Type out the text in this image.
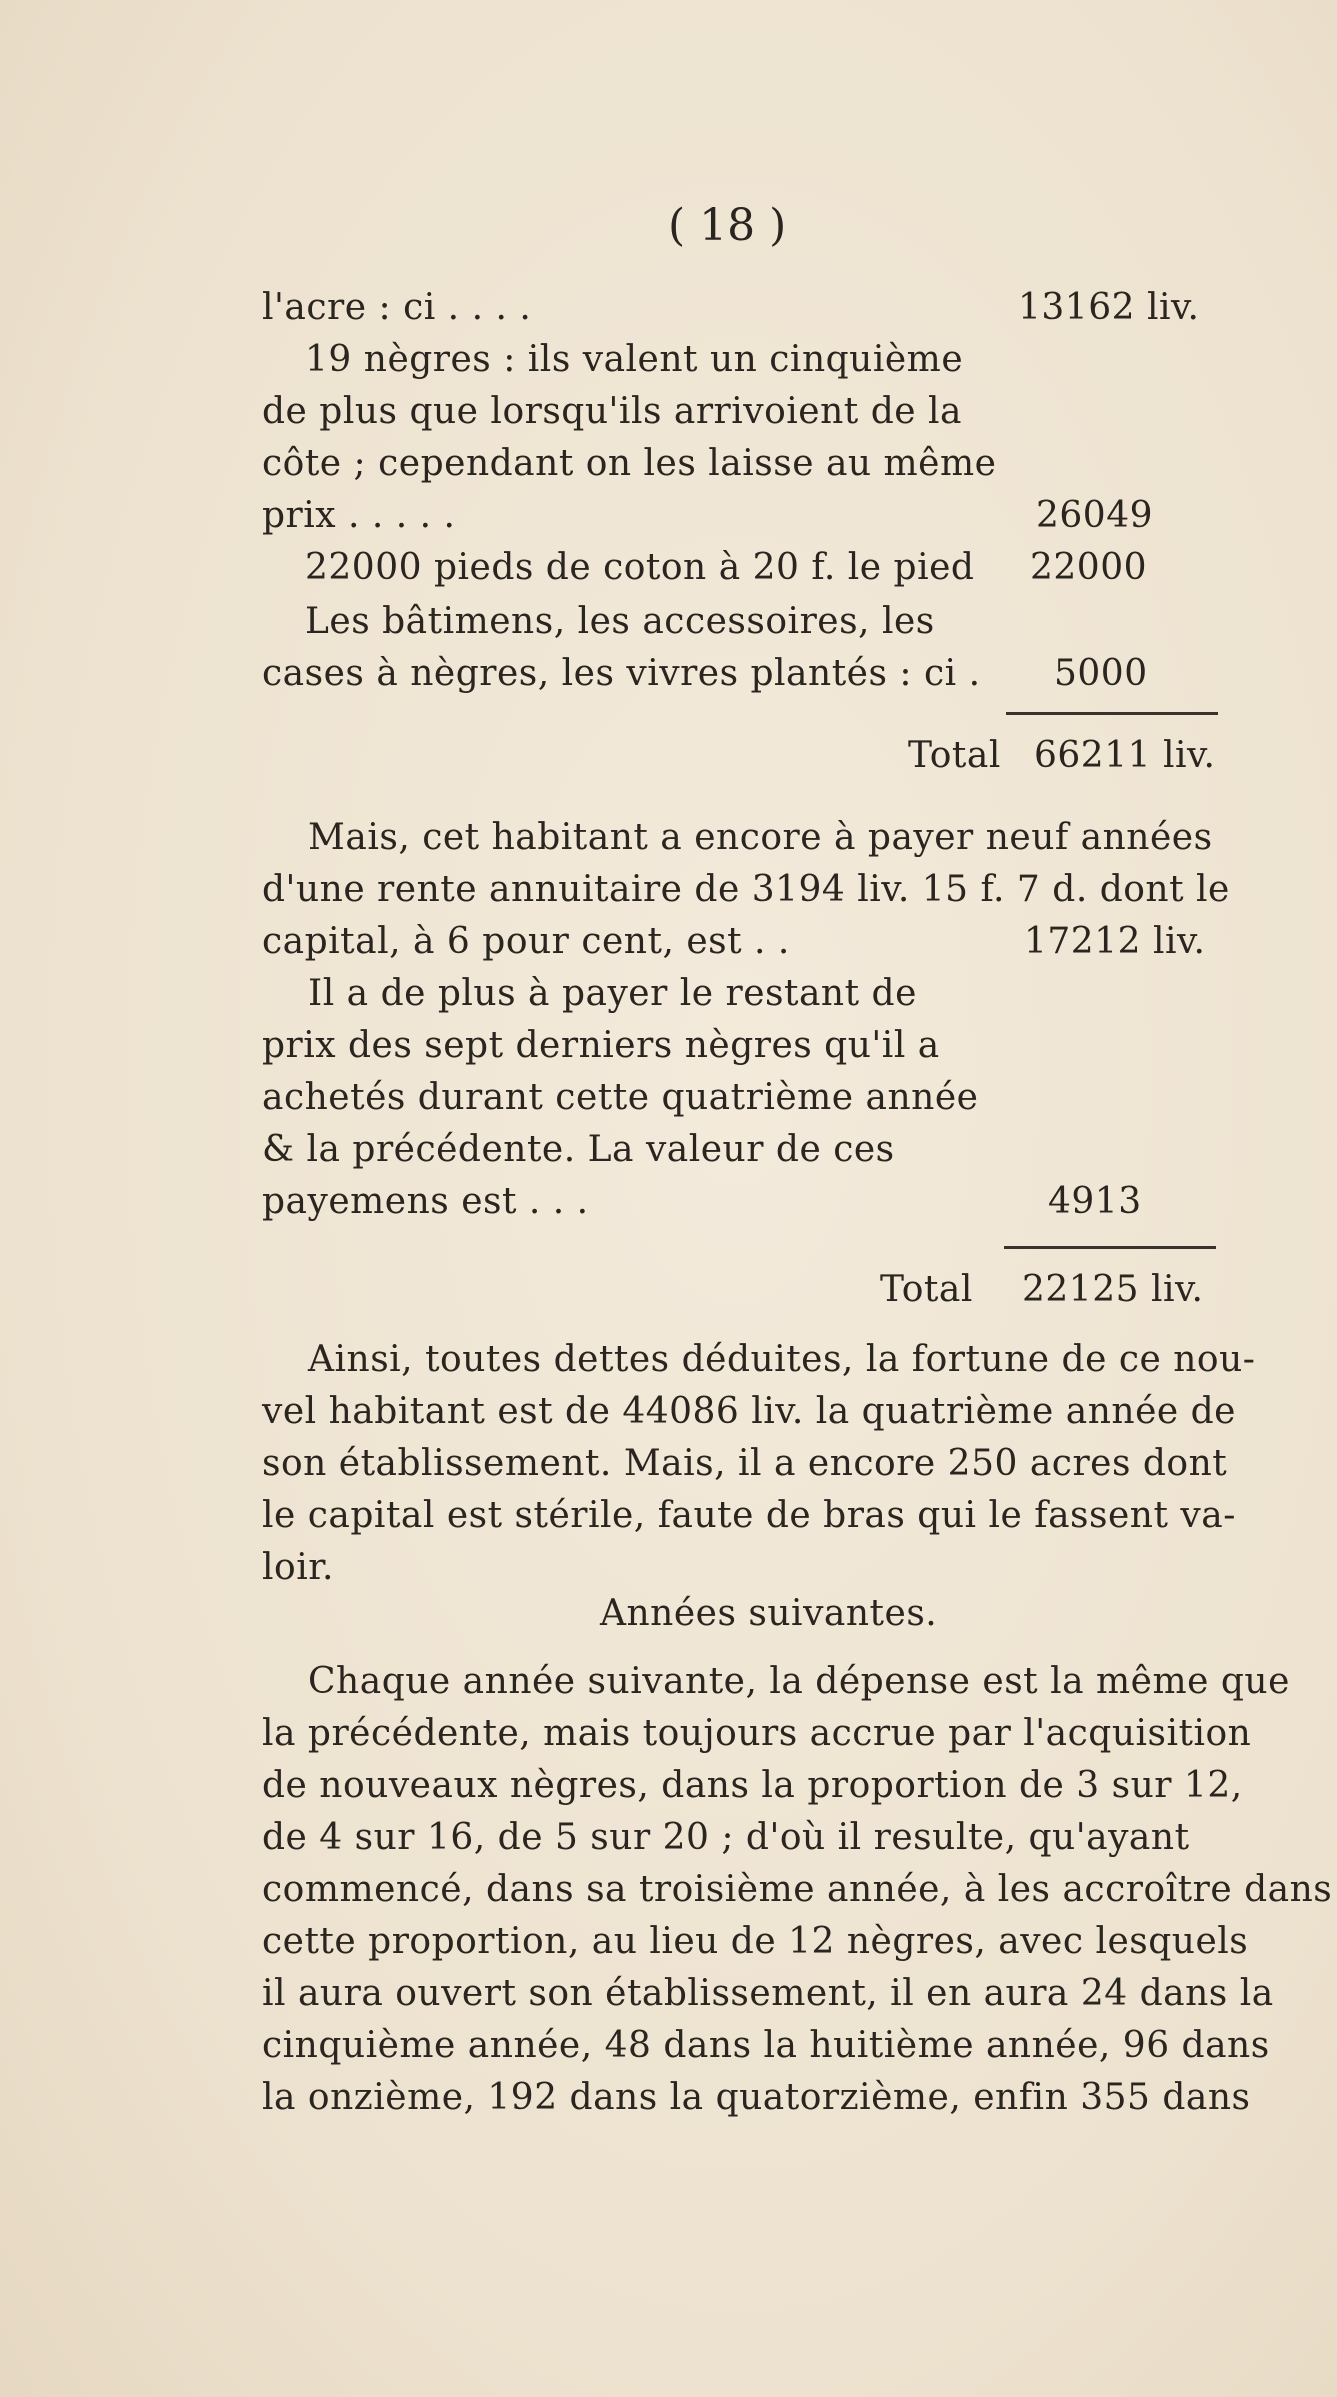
( 18 )
l'acre : ci . . . .	13162 liv.
19 nègres : ils valent un cinquième
de plus que lorsqu'ils arrivoient de la
côte ; cependant on les laisse au même
prix . . . . .	26049
22000 pieds de coton à 20 f. le pied 22000
Les bâtimens, les accessoires, les
cases à nègres, les vivres plantés : ci . 5000
Total 66211 liv.
Mais, cet habitant a encore à payer neuf années
d'une rente annuitaire de 3194 liv. 15 f. 7 d. dont le
capital, à 6 pour cent, est . .	17212 liv.
Il a de plus à payer le restant de
prix des sept derniers nègres qu'il a
achetés durant cette quatrième année
& la précédente. La valeur de ces
payemens est . . .	4913
Total 22125 liv.
Ainsi, toutes dettes déduites, la fortune de ce nou-
vel habitant est de 44086 liv. la quatrième année de
son établissement. Mais, il a encore 250 acres dont
le capital est stérile, faute de bras qui le fassent va-
loir.
Années suivantes.
Chaque année suivante, la dépense est la même que
la précédente, mais toujours accrue par l'acquisition
de nouveaux nègres, dans la proportion de 3 sur 12,
de 4 sur 16, de 5 sur 20 ; d'où il resulte, qu'ayant
commencé, dans sa troisième année, à les accroître dans
cette proportion, au lieu de 12 nègres, avec lesquels
il aura ouvert son établissement, il en aura 24 dans la
cinquième année, 48 dans la huitième année, 96 dans
la onzième, 192 dans la quatorzième, enfin 355 dans
